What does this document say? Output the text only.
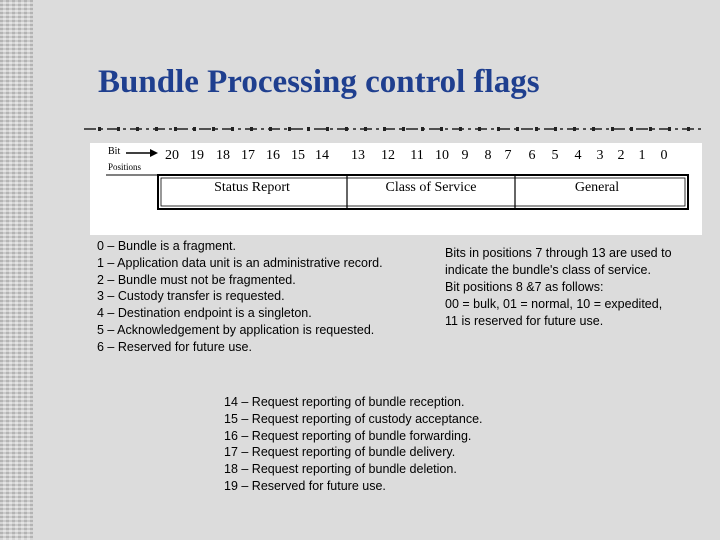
Bundle Processing control flags
Bit
Positions
20 19 18 17 16 15 14 13 12 11 10 9 8 7 6 5 4 3 2 1 0
Status Report	Class of Service	General
0 – Bundle is a fragment.
1 – Application data unit is an administrative record.
2 – Bundle must not be fragmented.
3 – Custody transfer is requested.
4 – Destination endpoint is a singleton.
5 – Acknowledgement by application is requested.
6 – Reserved for future use.

Bits in positions 7 through 13 are used to
indicate the bundle's class of service.
Bit positions 8 &7 as follows:
00 = bulk, 01 = normal, 10 = expedited,
11 is reserved for future use.

14 – Request reporting of bundle reception.
15 – Request reporting of custody acceptance.
16 – Request reporting of bundle forwarding.
17 – Request reporting of bundle delivery.
18 – Request reporting of bundle deletion.
19 – Reserved for future use.
